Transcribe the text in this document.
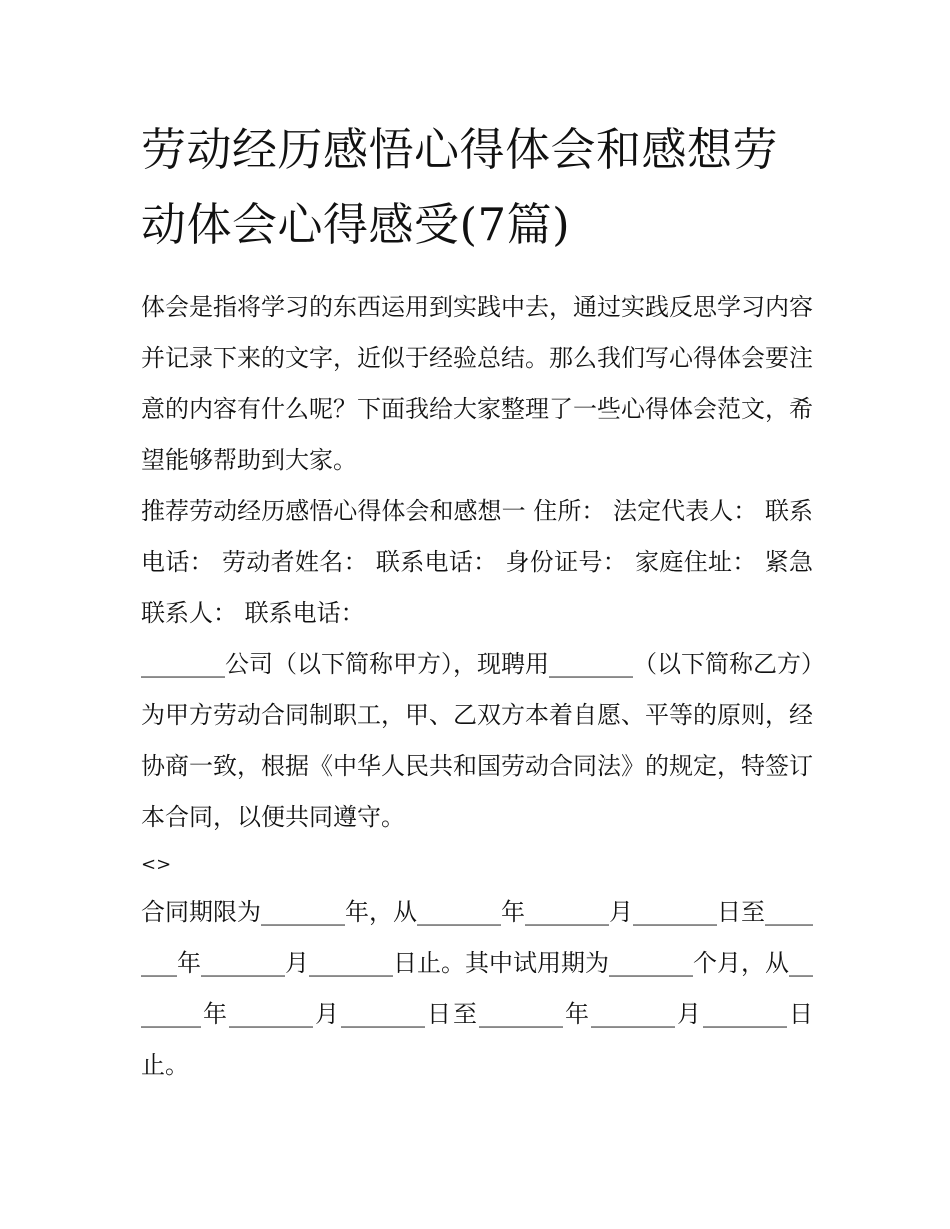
劳动经历感悟心得体会和感想劳动体会心得感受(7篇)

体会是指将学习的东西运用到实践中去，通过实践反思学习内容并记录下来的文字，近似于经验总结。那么我们写心得体会要注意的内容有什么呢？下面我给大家整理了一些心得体会范文，希望能够帮助到大家。

推荐劳动经历感悟心得体会和感想一 住所： 法定代表人： 联系电话： 劳动者姓名： 联系电话： 身份证号： 家庭住址： 紧急联系人： 联系电话：

_______公司（以下简称甲方），现聘用_______（以下简称乙方）为甲方劳动合同制职工，甲、乙双方本着自愿、平等的原则，经协商一致，根据《中华人民共和国劳动合同法》的规定，特签订本合同，以便共同遵守。

<>

合同期限为_______年，从_______年_______月_______日至_______年_______月_______日止。其中试用期为_______个月，从_______年_______月_______日至_______年_______月_______日止。
